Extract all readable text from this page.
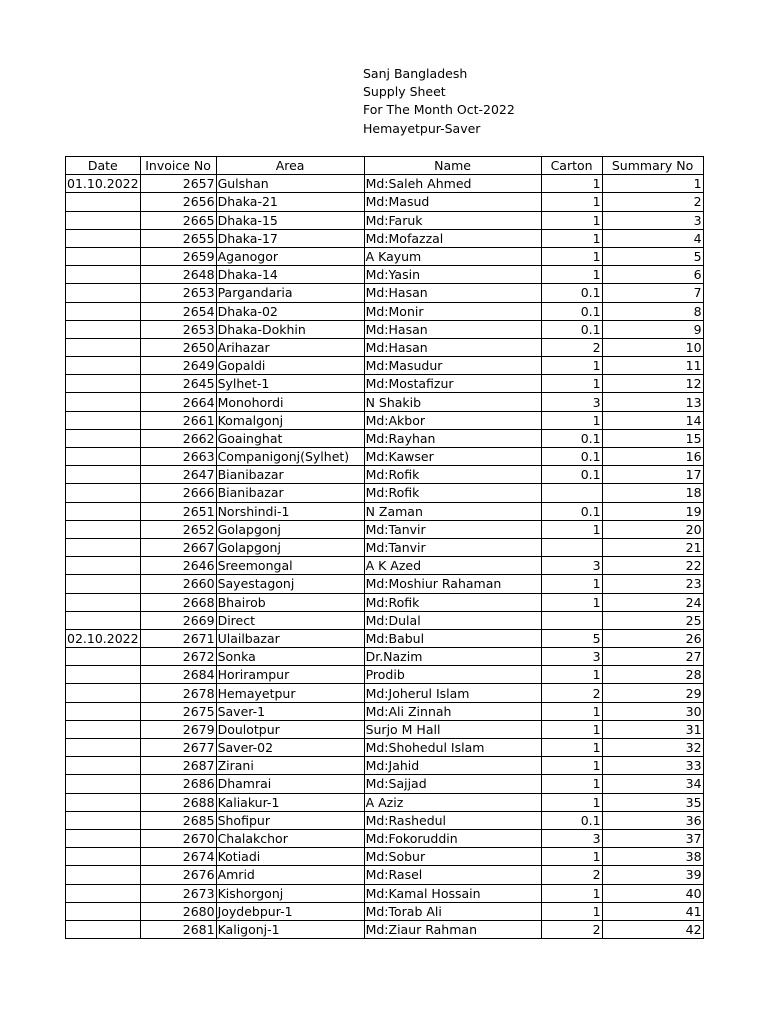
Sanj Bangladesh
Supply Sheet
For The Month Oct-2022
Hemayetpur-Saver
Date	Invoice No	Area	Name	Carton	Summary No
01.10.2022	2657	Gulshan	Md:Saleh Ahmed	1	1
	2656	Dhaka-21	Md:Masud	1	2
	2665	Dhaka-15	Md:Faruk	1	3
	2655	Dhaka-17	Md:Mofazzal	1	4
	2659	Aganogor	A Kayum	1	5
	2648	Dhaka-14	Md:Yasin	1	6
	2653	Pargandaria	Md:Hasan	0.1	7
	2654	Dhaka-02	Md:Monir	0.1	8
	2653	Dhaka-Dokhin	Md:Hasan	0.1	9
	2650	Arihazar	Md:Hasan	2	10
	2649	Gopaldi	Md:Masudur	1	11
	2645	Sylhet-1	Md:Mostafizur	1	12
	2664	Monohordi	N Shakib	3	13
	2661	Komalgonj	Md:Akbor	1	14
	2662	Goainghat	Md:Rayhan	0.1	15
	2663	Companigonj(Sylhet)	Md:Kawser	0.1	16
	2647	Bianibazar	Md:Rofik	0.1	17
	2666	Bianibazar	Md:Rofik		18
	2651	Norshindi-1	N Zaman	0.1	19
	2652	Golapgonj	Md:Tanvir	1	20
	2667	Golapgonj	Md:Tanvir		21
	2646	Sreemongal	A K Azed	3	22
	2660	Sayestagonj	Md:Moshiur Rahaman	1	23
	2668	Bhairob	Md:Rofik	1	24
	2669	Direct	Md:Dulal		25
02.10.2022	2671	Ulailbazar	Md:Babul	5	26
	2672	Sonka	Dr.Nazim	3	27
	2684	Horirampur	Prodib	1	28
	2678	Hemayetpur	Md:Joherul Islam	2	29
	2675	Saver-1	Md:Ali Zinnah	1	30
	2679	Doulotpur	Surjo M Hall	1	31
	2677	Saver-02	Md:Shohedul Islam	1	32
	2687	Zirani	Md:Jahid	1	33
	2686	Dhamrai	Md:Sajjad	1	34
	2688	Kaliakur-1	A Aziz	1	35
	2685	Shofipur	Md:Rashedul	0.1	36
	2670	Chalakchor	Md:Fokoruddin	3	37
	2674	Kotiadi	Md:Sobur	1	38
	2676	Amrid	Md:Rasel	2	39
	2673	Kishorgonj	Md:Kamal Hossain	1	40
	2680	Joydebpur-1	Md:Torab Ali	1	41
	2681	Kaligonj-1	Md:Ziaur Rahman	2	42
